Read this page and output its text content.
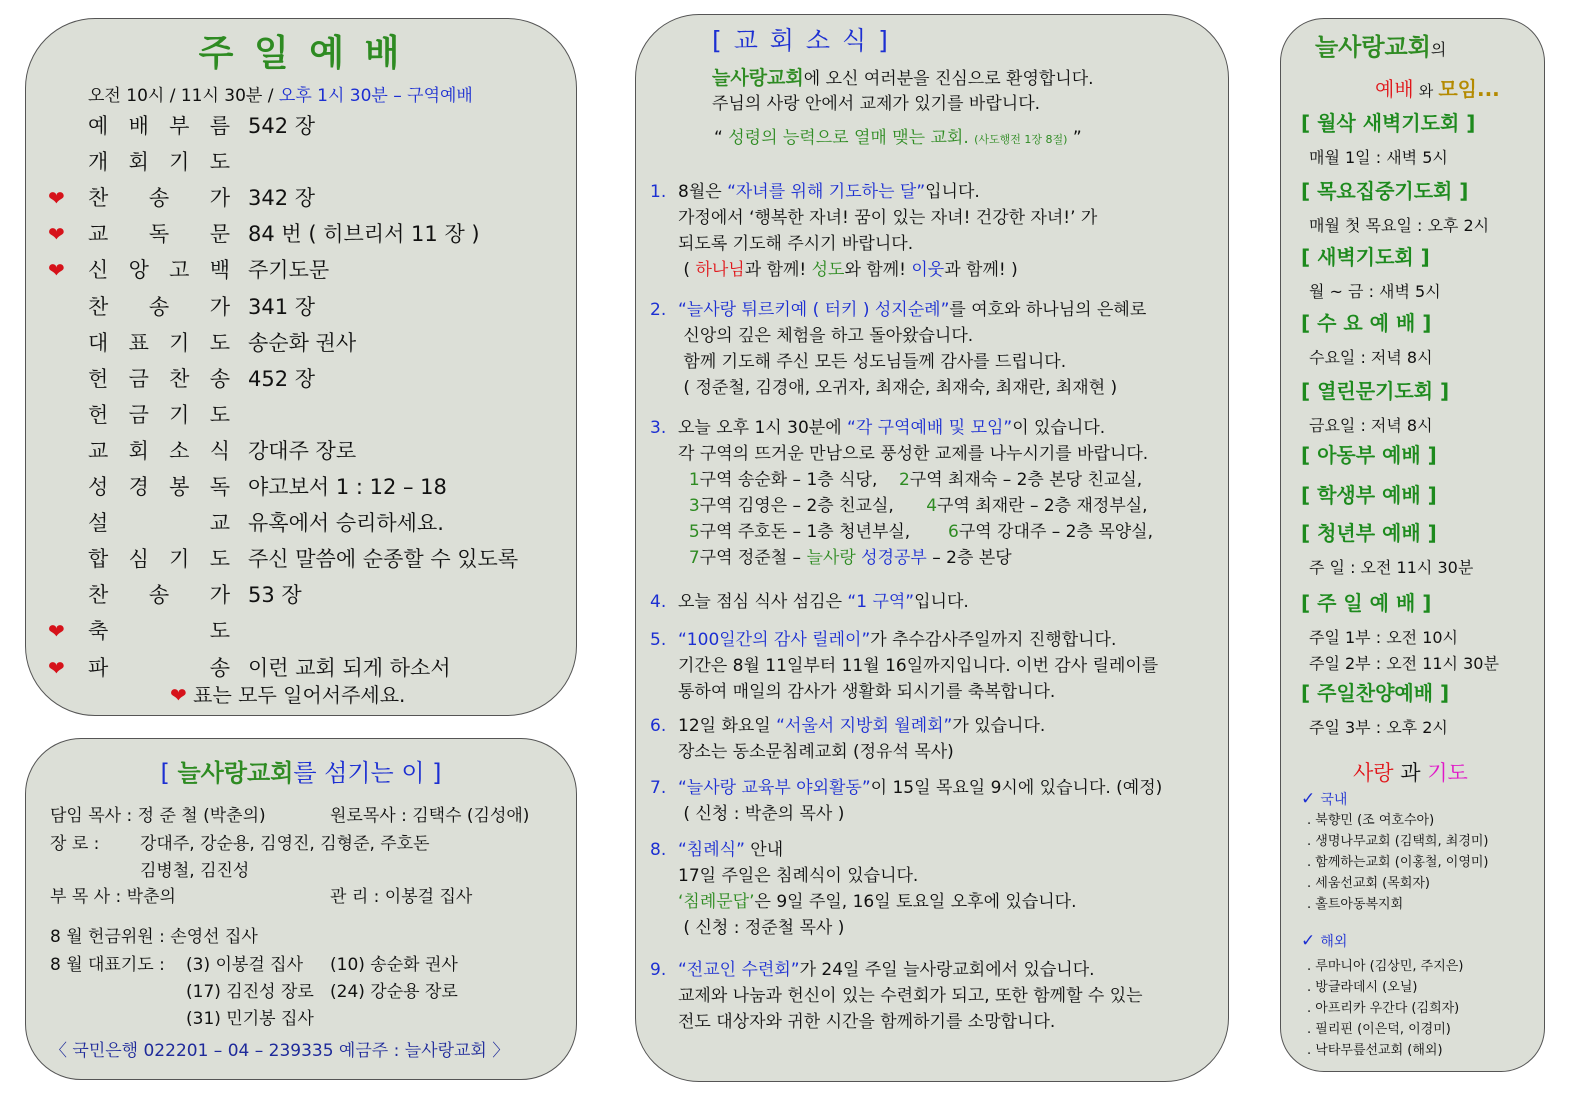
주 일 예 배
오전 10시 / 11시 30분 / 오후 1시 30분 – 구역예배
예 배 부 름 542 장
개 회 기 도
❤ 찬 송 가 342 장
❤ 교 독 문 84 번 ( 히브리서 11 장 )
❤ 신 앙 고 백 주기도문
찬 송 가 341 장
대 표 기 도 송순화 권사
헌 금 찬 송 452 장
헌 금 기 도
교 회 소 식 강대주 장로
성 경 봉 독 야고보서 1 : 12 – 18
설	교 유혹에서 승리하세요.
합 심 기 도 주신 말씀에 순종할 수 있도록
찬 송 가 53 장
❤ 축	도
❤ 파	송 이런 교회 되게 하소서
❤ 표는 모두 일어서주세요.
[ 늘사랑교회를 섬기는 이 ]
담임 목사 : 정 준 철 (박춘의)	원로목사 : 김택수 (김성애)
장 로 : 강대주, 강순용, 김영진, 김형준, 주호돈
김병철, 김진성
부 목 사 : 박춘의	관 리 : 이봉걸 집사
8 월 헌금위원 : 손영선 집사
8 월 대표기도 : (3) 이봉걸 집사 (10) 송순화 권사
(17) 김진성 장로 (24) 강순용 장로
(31) 민기봉 집사
〈 국민은행 022201 – 04 – 239335 예금주 : 늘사랑교회 〉
[ 교 회 소 식 ]
늘사랑교회에 오신 여러분을 진심으로 환영합니다.
주님의 사랑 안에서 교제가 있기를 바랍니다.
“ 성령의 능력으로 열매 맺는 교회. (사도행전 1장 8절) ”
1. 8월은 “자녀를 위해 기도하는 달”입니다.
가정에서 ‘행복한 자녀! 꿈이 있는 자녀! 건강한 자녀!’ 가
되도록 기도해 주시기 바랍니다.
( 하나님과 함께! 성도와 함께! 이웃과 함께! )
2. “늘사랑 튀르키예 ( 터키 ) 성지순례”를 여호와 하나님의 은혜로
신앙의 깊은 체험을 하고 돌아왔습니다.
함께 기도해 주신 모든 성도님들께 감사를 드립니다.
( 정준철, 김경애, 오귀자, 최재순, 최재숙, 최재란, 최재현 )
3. 오늘 오후 1시 30분에 “각 구역예배 및 모임”이 있습니다.
각 구역의 뜨거운 만남으로 풍성한 교제를 나누시기를 바랍니다.
1구역 송순화 – 1층 식당,    2구역 최재숙 – 2층 본당 친교실,
3구역 김영은 – 2층 친교실,      4구역 최재란 – 2층 재정부실,
5구역 주호돈 – 1층 청년부실,       6구역 강대주 – 2층 목양실,
7구역 정준철 – 늘사랑 성경공부 – 2층 본당
4. 오늘 점심 식사 섬김은 “1 구역”입니다.
5. “100일간의 감사 릴레이”가 추수감사주일까지 진행합니다.
기간은 8월 11일부터 11월 16일까지입니다. 이번 감사 릴레이를
통하여 매일의 감사가 생활화 되시기를 축복합니다.
6. 12일 화요일 “서울서 지방회 월례회”가 있습니다.
장소는 동소문침례교회 (정유석 목사)
7. “늘사랑 교육부 야외활동”이 15일 목요일 9시에 있습니다. (예정)
( 신청 : 박춘의 목사 )
8. “침례식” 안내
17일 주일은 침례식이 있습니다.
‘침례문답’은 9일 주일, 16일 토요일 오후에 있습니다.
( 신청 : 정준철 목사 )
9. “전교인 수련회”가 24일 주일 늘사랑교회에서 있습니다.
교제와 나눔과 헌신이 있는 수련회가 되고, 또한 함께할 수 있는
전도 대상자와 귀한 시간을 함께하기를 소망합니다.
늘사랑교회의
예배 와 모임...
[ 월삭 새벽기도회 ]
매월 1일 : 새벽 5시
[ 목요집중기도회 ]
매월 첫 목요일 : 오후 2시
[ 새벽기도회 ]
월 ~ 금 : 새벽 5시
[ 수 요 예 배 ]
수요일 : 저녁 8시
[ 열린문기도회 ]
금요일 : 저녁 8시
[ 아동부 예배 ]
[ 학생부 예배 ]
[ 청년부 예배 ]
주 일 : 오전 11시 30분
[ 주 일 예 배 ]
주일 1부 : 오전 10시
주일 2부 : 오전 11시 30분
[ 주일찬양예배 ]
주일 3부 : 오후 2시
사랑 과 기도
✓ 국내
. 북향민 (조 여호수아)
. 생명나무교회 (김택희, 최경미)
. 함께하는교회 (이홍철, 이영미)
. 세움선교회 (목회자)
. 홀트아동복지회
✓ 해외
. 루마니아 (김상민, 주지은)
. 방글라데시 (오닐)
. 아프리카 우간다 (김희자)
. 필리핀 (이은덕, 이경미)
. 낙타무릎선교회 (해외)
